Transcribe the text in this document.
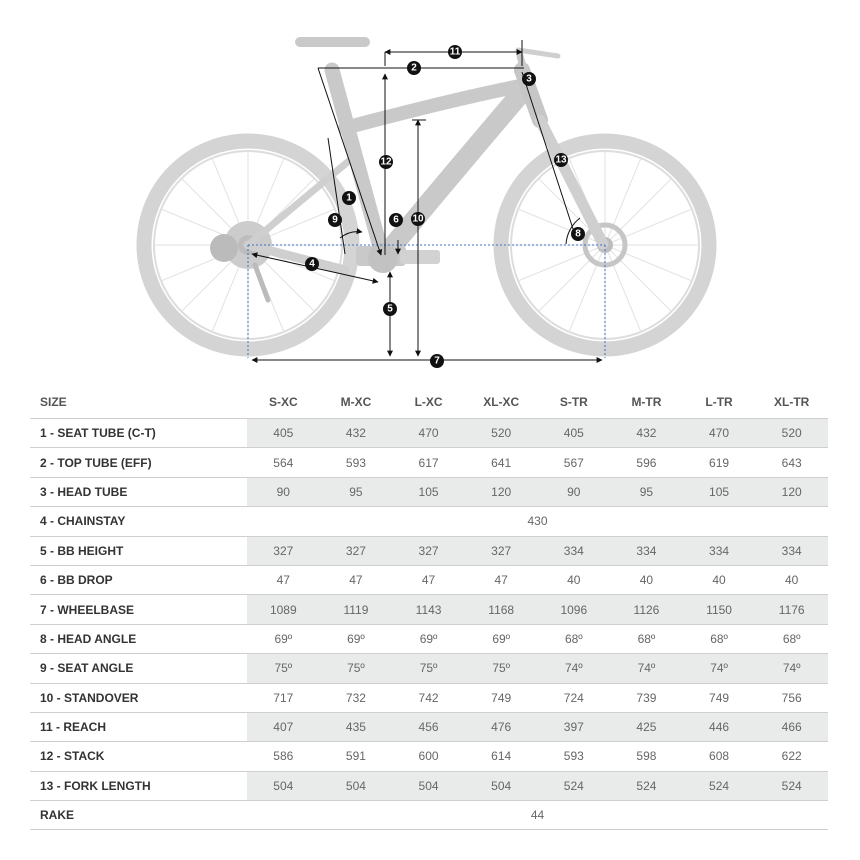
1
2
3
4
5
6
7
8
9	10
11
12	13
SIZE	S-XC	M-XC	L-XC	XL-XC	S-TR	M-TR	L-TR	XL-TR
1 - SEAT TUBE (C-T)	405	432	470	520	405	432	470	520
2 - TOP TUBE (EFF)	564	593	617	641	567	596	619	643
3 - HEAD TUBE	90	95	105	120	90	95	105	120
4 - CHAINSTAY	430							
5 - BB HEIGHT	327	327	327	327	334	334	334	334
6 - BB DROP	47	47	47	47	40	40	40	40
7 - WHEELBASE	1089	1119	1143	1168	1096	1126	1150	1176
8 - HEAD ANGLE	69º	69º	69º	69º	68º	68º	68º	68º
9 - SEAT ANGLE	75º	75º	75º	75º	74º	74º	74º	74º
10 - STANDOVER	717	732	742	749	724	739	749	756
11 - REACH	407	435	456	476	397	425	446	466
12 - STACK	586	591	600	614	593	598	608	622
13 - FORK LENGTH	504	504	504	504	524	524	524	524
RAKE	44							
